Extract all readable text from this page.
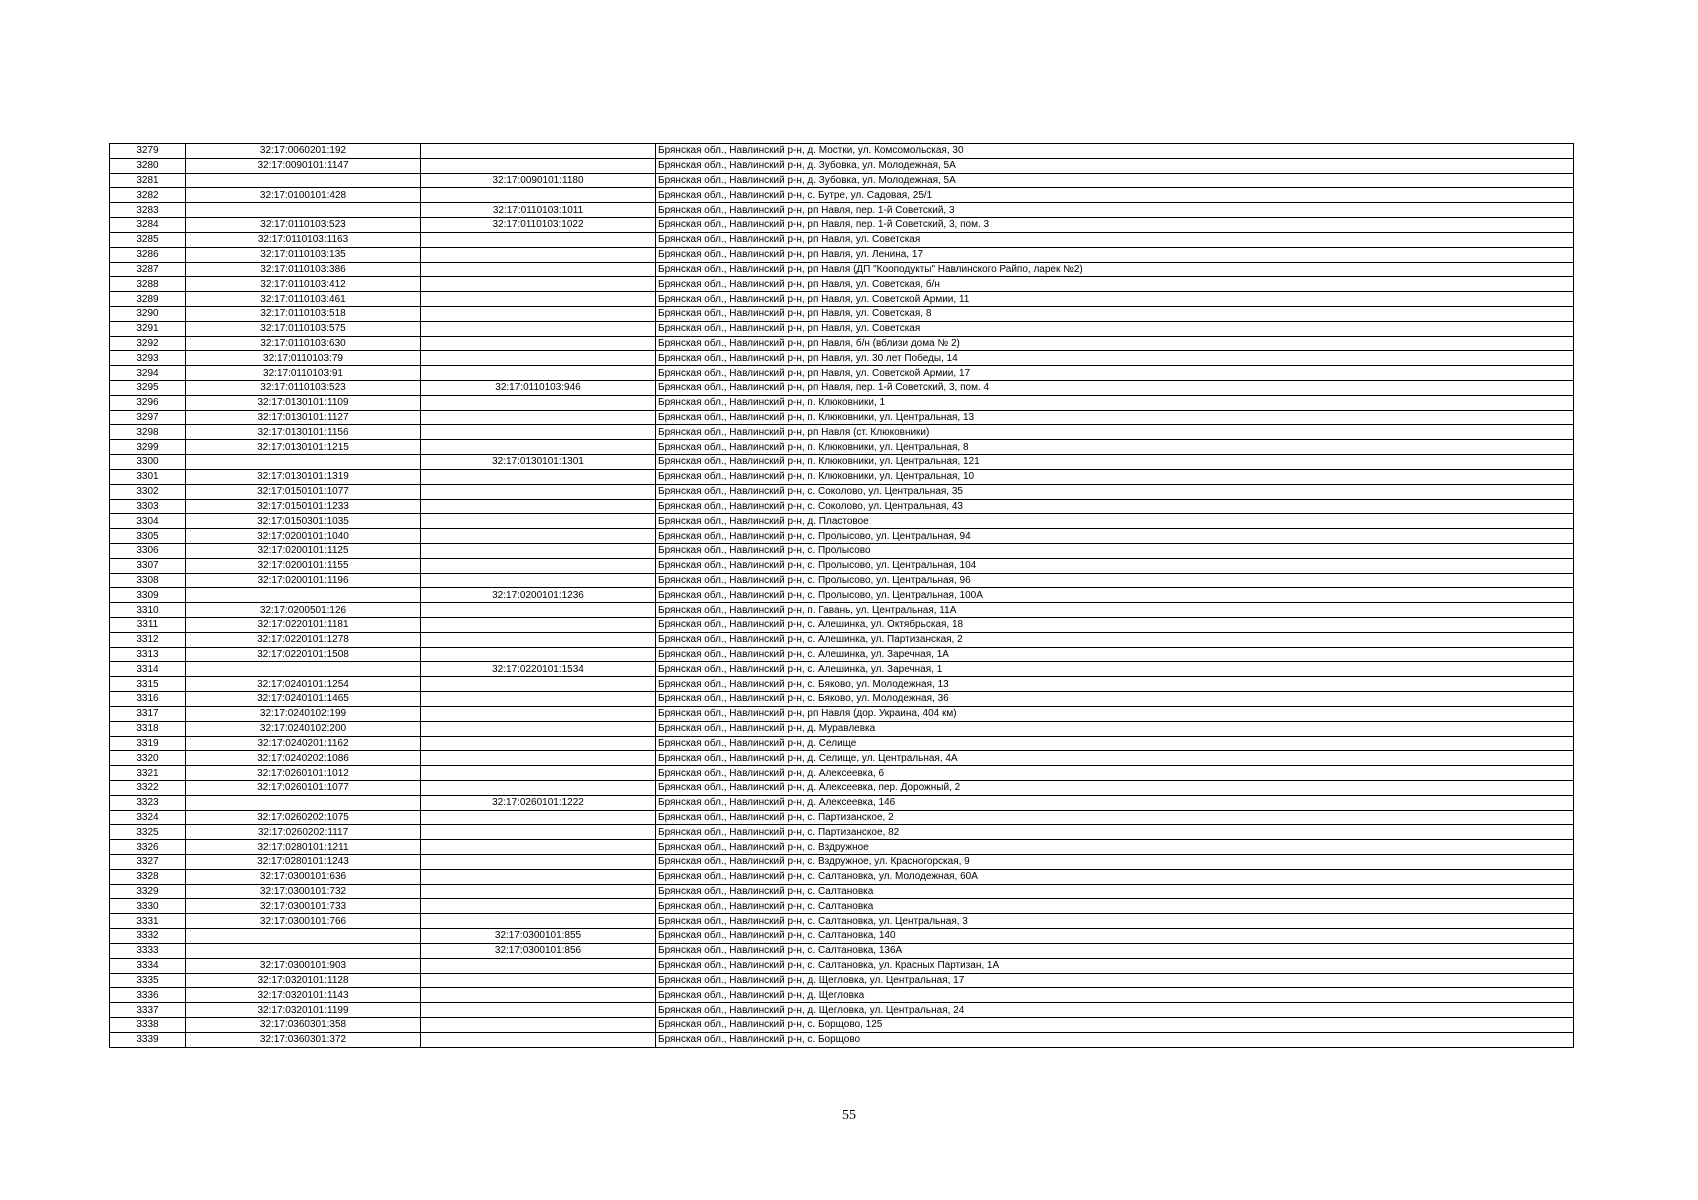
3279	32:17:0060201:192		Брянская обл., Навлинский р-н, д. Мостки, ул. Комсомольская, 30
3280	32:17:0090101:1147		Брянская обл., Навлинский р-н, д. Зубовка, ул. Молодежная, 5А
3281		32:17:0090101:1180	Брянская обл., Навлинский р-н, д. Зубовка, ул. Молодежная, 5А
3282	32:17:0100101:428		Брянская обл., Навлинский р-н, с. Бутре, ул. Садовая, 25/1
3283		32:17:0110103:1011	Брянская обл., Навлинский р-н, рп Навля, пер. 1-й Советский, 3
3284	32:17:0110103:523	32:17:0110103:1022	Брянская обл., Навлинский р-н, рп Навля, пер. 1-й Советский, 3, пом. 3
3285	32:17:0110103:1163		Брянская обл., Навлинский р-н, рп Навля, ул. Советская
3286	32:17:0110103:135		Брянская обл., Навлинский р-н, рп Навля, ул. Ленина, 17
3287	32:17:0110103:386		Брянская обл., Навлинский р-н, рп Навля (ДП "Кооподукты" Навлинского Райпо, ларек №2)
3288	32:17:0110103:412		Брянская обл., Навлинский р-н, рп Навля, ул. Советская, б/н
3289	32:17:0110103:461		Брянская обл., Навлинский р-н, рп Навля, ул. Советской Армии, 11
3290	32:17:0110103:518		Брянская обл., Навлинский р-н, рп Навля, ул. Советская, 8
3291	32:17:0110103:575		Брянская обл., Навлинский р-н, рп Навля, ул. Советская
3292	32:17:0110103:630		Брянская обл., Навлинский р-н, рп Навля, б/н (вблизи дома № 2)
3293	32:17:0110103:79		Брянская обл., Навлинский р-н, рп Навля, ул. 30 лет Победы, 14
3294	32:17:0110103:91		Брянская обл., Навлинский р-н, рп Навля, ул. Советской Армии, 17
3295	32:17:0110103:523	32:17:0110103:946	Брянская обл., Навлинский р-н, рп Навля, пер. 1-й Советский, 3, пом. 4
3296	32:17:0130101:1109		Брянская обл., Навлинский р-н, п. Клюковники, 1
3297	32:17:0130101:1127		Брянская обл., Навлинский р-н, п. Клюковники, ул. Центральная, 13
3298	32:17:0130101:1156		Брянская обл., Навлинский р-н, рп Навля (ст. Клюковники)
3299	32:17:0130101:1215		Брянская обл., Навлинский р-н, п. Клюковники, ул. Центральная, 8
3300		32:17:0130101:1301	Брянская обл., Навлинский р-н, п. Клюковники, ул. Центральная, 121
3301	32:17:0130101:1319		Брянская обл., Навлинский р-н, п. Клюковники, ул. Центральная, 10
3302	32:17:0150101:1077		Брянская обл., Навлинский р-н, с. Соколово, ул. Центральная, 35
3303	32:17:0150101:1233		Брянская обл., Навлинский р-н, с. Соколово, ул. Центральная, 43
3304	32:17:0150301:1035		Брянская обл., Навлинский р-н, д. Пластовое
3305	32:17:0200101:1040		Брянская обл., Навлинский р-н, с. Пролысово, ул. Центральная, 94
3306	32:17:0200101:1125		Брянская обл., Навлинский р-н, с. Пролысово
3307	32:17:0200101:1155		Брянская обл., Навлинский р-н, с. Пролысово, ул. Центральная, 104
3308	32:17:0200101:1196		Брянская обл., Навлинский р-н, с. Пролысово, ул. Центральная, 96
3309		32:17:0200101:1236	Брянская обл., Навлинский р-н, с. Пролысово, ул. Центральная, 100А
3310	32:17:0200501:126		Брянская обл., Навлинский р-н, п. Гавань, ул. Центральная, 11А
3311	32:17:0220101:1181		Брянская обл., Навлинский р-н, с. Алешинка, ул. Октябрьская, 18
3312	32:17:0220101:1278		Брянская обл., Навлинский р-н, с. Алешинка, ул. Партизанская, 2
3313	32:17:0220101:1508		Брянская обл., Навлинский р-н, с. Алешинка, ул. Заречная, 1А
3314		32:17:0220101:1534	Брянская обл., Навлинский р-н, с. Алешинка, ул. Заречная, 1
3315	32:17:0240101:1254		Брянская обл., Навлинский р-н, с. Бяково, ул. Молодежная, 13
3316	32:17:0240101:1465		Брянская обл., Навлинский р-н, с. Бяково, ул. Молодежная, 36
3317	32:17:0240102:199		Брянская обл., Навлинский р-н, рп Навля (дор. Украина, 404 км)
3318	32:17:0240102:200		Брянская обл., Навлинский р-н, д. Муравлевка
3319	32:17:0240201:1162		Брянская обл., Навлинский р-н, д. Селище
3320	32:17:0240202:1086		Брянская обл., Навлинский р-н, д. Селище, ул. Центральная, 4А
3321	32:17:0260101:1012		Брянская обл., Навлинский р-н, д. Алексеевка, 6
3322	32:17:0260101:1077		Брянская обл., Навлинский р-н, д. Алексеевка, пер. Дорожный, 2
3323		32:17:0260101:1222	Брянская обл., Навлинский р-н, д. Алексеевка, 146
3324	32:17:0260202:1075		Брянская обл., Навлинский р-н, с. Партизанское, 2
3325	32:17:0260202:1117		Брянская обл., Навлинский р-н, с. Партизанское, 82
3326	32:17:0280101:1211		Брянская обл., Навлинский р-н, с. Вздружное
3327	32:17:0280101:1243		Брянская обл., Навлинский р-н, с. Вздружное, ул. Красногорская, 9
3328	32:17:0300101:636		Брянская обл., Навлинский р-н, с. Салтановка, ул. Молодежная, 60А
3329	32:17:0300101:732		Брянская обл., Навлинский р-н, с. Салтановка
3330	32:17:0300101:733		Брянская обл., Навлинский р-н, с. Салтановка
3331	32:17:0300101:766		Брянская обл., Навлинский р-н, с. Салтановка, ул. Центральная, 3
3332		32:17:0300101:855	Брянская обл., Навлинский р-н, с. Салтановка, 140
3333		32:17:0300101:856	Брянская обл., Навлинский р-н, с. Салтановка, 136А
3334	32:17:0300101:903		Брянская обл., Навлинский р-н, с. Салтановка, ул. Красных Партизан, 1А
3335	32:17:0320101:1128		Брянская обл., Навлинский р-н, д. Щегловка, ул. Центральная, 17
3336	32:17:0320101:1143		Брянская обл., Навлинский р-н, д. Щегловка
3337	32:17:0320101:1199		Брянская обл., Навлинский р-н, д. Щегловка, ул. Центральная, 24
3338	32:17:0360301:358		Брянская обл., Навлинский р-н, с. Борщово, 125
3339	32:17:0360301:372		Брянская обл., Навлинский р-н, с. Борщово
55
